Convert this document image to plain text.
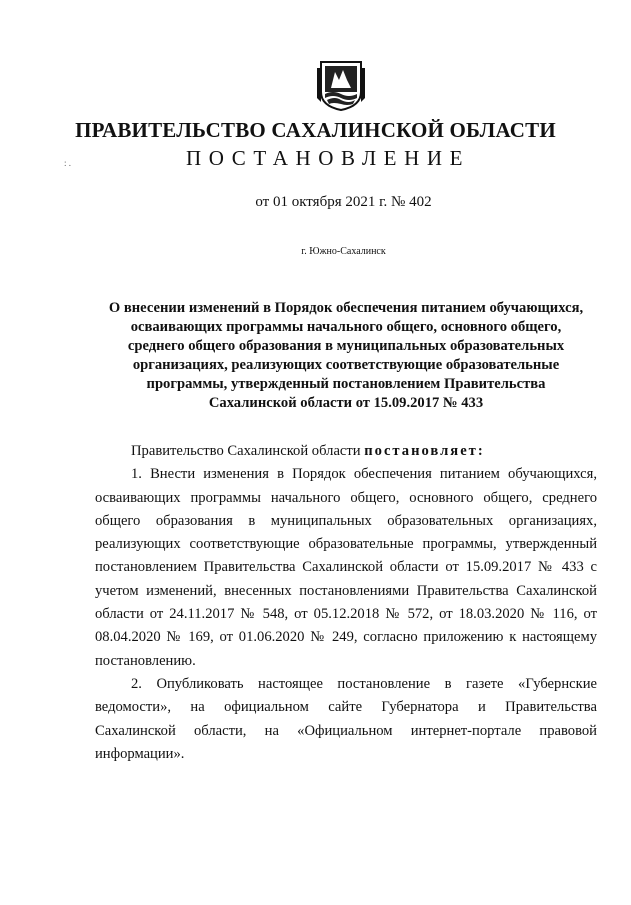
: .
ПРАВИТЕЛЬСТВО САХАЛИНСКОЙ ОБЛАСТИ
ПОСТАНОВЛЕНИЕ
от 01 октября 2021 г. № 402
г. Южно-Сахалинск
О внесении изменений в Порядок обеспечения питанием обучающихся,
осваивающих программы начального общего, основного общего,
среднего общего образования в муниципальных образовательных
организациях, реализующих соответствующие образовательные
программы, утвержденный постановлением Правительства
Сахалинской области от 15.09.2017 № 433

Правительство Сахалинской области постановляет:

1. Внести изменения в Порядок обеспечения питанием обучающихся,
осваивающих программы начального общего, основного общего, среднего
общего образования в муниципальных образовательных организациях,
реализующих соответствующие образовательные программы, утвержденный
постановлением Правительства Сахалинской области от 15.09.2017 № 433 с
учетом изменений, внесенных постановлениями Правительства Сахалинской
области от 24.11.2017 № 548, от 05.12.2018 № 572, от 18.03.2020 № 116, от
08.04.2020 № 169, от 01.06.2020 № 249, согласно приложению к настоящему
постановлению.

2. Опубликовать настоящее постановление в газете «Губернские
ведомости», на официальном сайте Губернатора и Правительства
Сахалинской области, на «Официальном интернет-портале правовой
информации».
